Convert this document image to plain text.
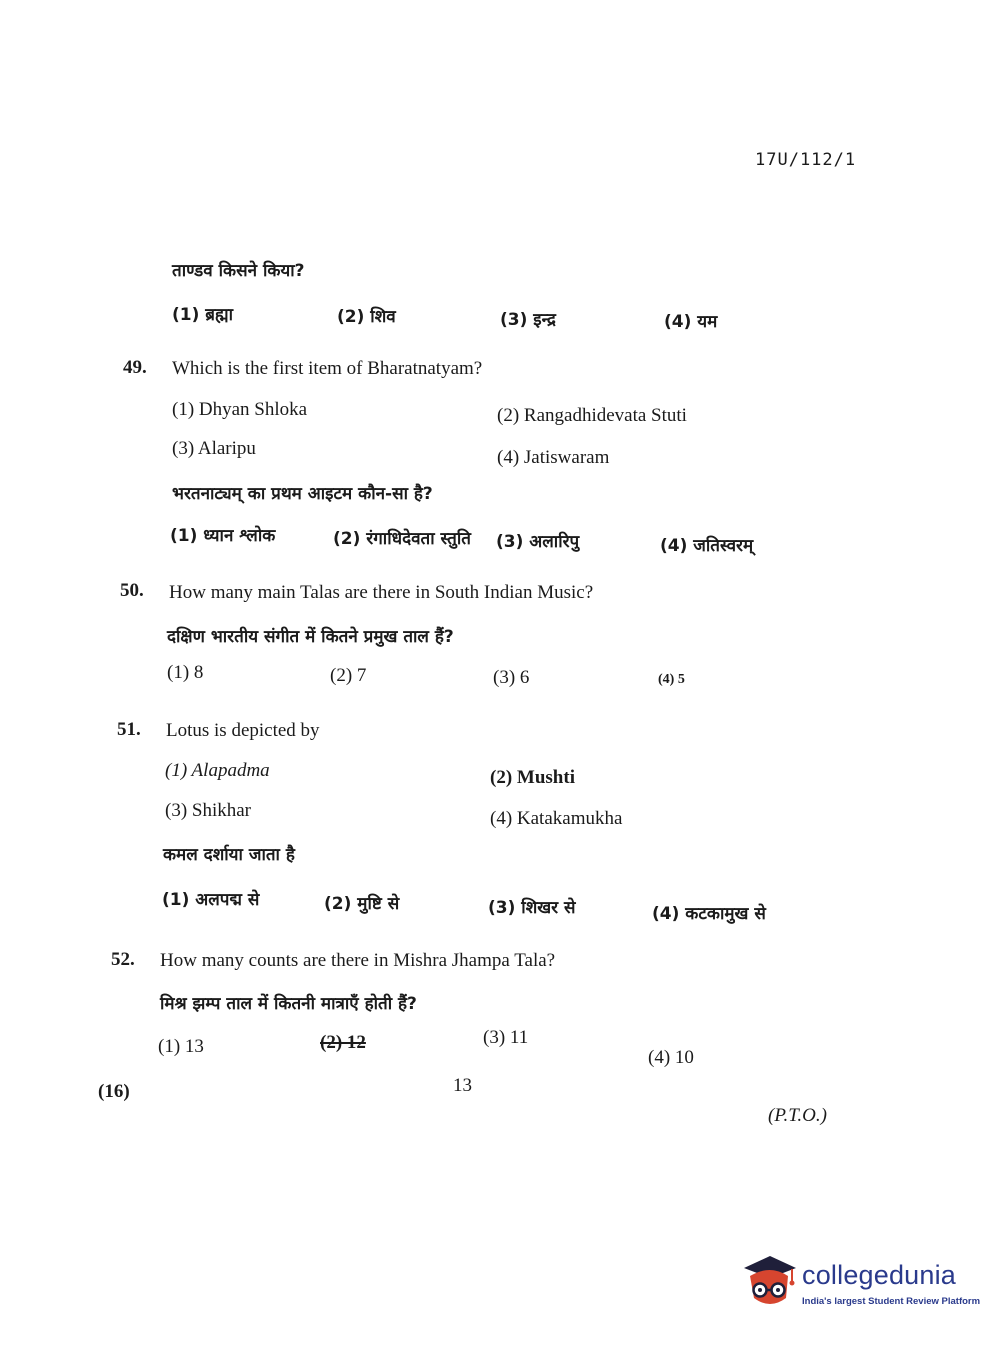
17U/112/1
ताण्डव किसने किया?
(1) ब्रह्मा	(2) शिव	(3) इन्द्र	(4) यम
49. Which is the first item of Bharatnatyam?
(1) Dhyan Shloka	(2) Rangadhidevata Stuti
(3) Alaripu	(4) Jatiswaram
भरतनाट्यम् का प्रथम आइटम कौन-सा है?
(1) ध्यान श्लोक	(2) रंगाधिदेवता स्तुति (3) अलारिपु	(4) जतिस्वरम्
50. How many main Talas are there in South Indian Music?
दक्षिण भारतीय संगीत में कितने प्रमुख ताल हैं?
(1) 8	(2) 7	(3) 6	(4) 5
51. Lotus is depicted by
(1) Alapadma	(2) Mushti
(3) Shikhar	(4) Katakamukha
कमल दर्शाया जाता है
(1) अलपद्म से	(2) मुष्टि से	(3) शिखर से	(4) कटकामुख से
52. How many counts are there in Mishra Jhampa Tala?
मिश्र झम्प ताल में कितनी मात्राएँ होती हैं?
(1) 13	(2) 12	(3) 11
(4) 10
(16)	13
(P.T.O.)
collegedunia
India's largest Student Review Platform
